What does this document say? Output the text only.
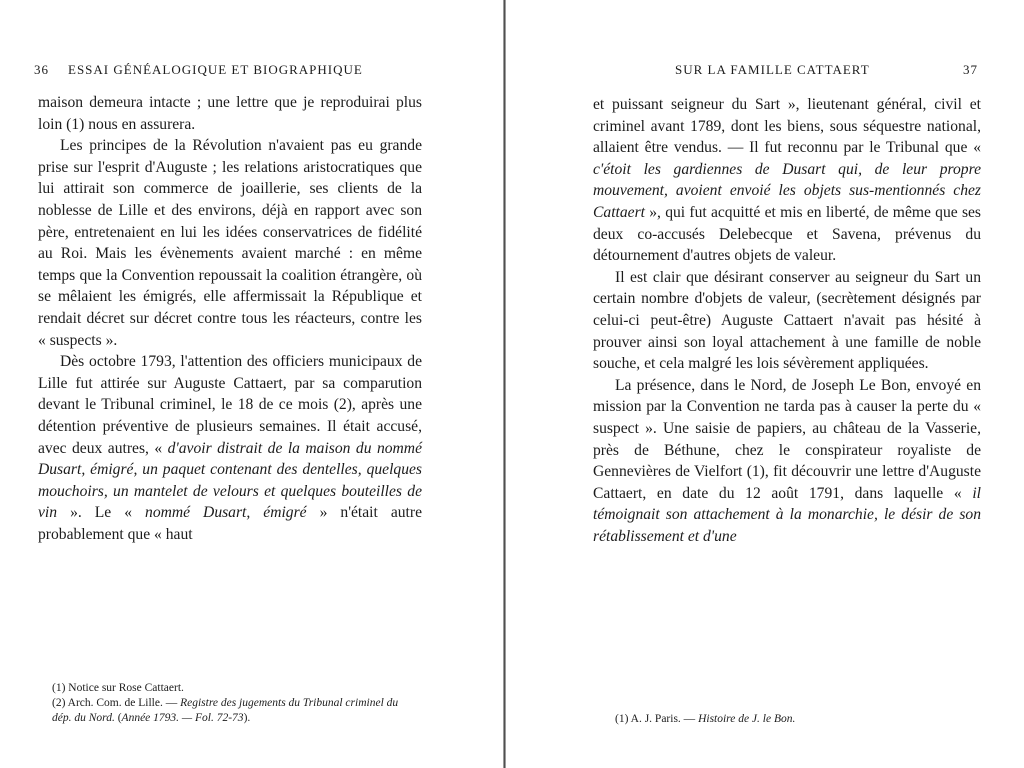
36 ESSAI GÉNÉALOGIQUE ET BIOGRAPHIQUE

maison demeura intacte ; une lettre que je reproduirai plus loin (1) nous en assurera.

Les principes de la Révolution n'avaient pas eu grande prise sur l'esprit d'Auguste ; les relations aristocratiques que lui attirait son commerce de joaillerie, ses clients de la noblesse de Lille et des environs, déjà en rapport avec son père, entretenaient en lui les idées conservatrices de fidélité au Roi. Mais les évènements avaient marché : en même temps que la Convention repoussait la coalition étrangère, où se mêlaient les émigrés, elle affermissait la République et rendait décret sur décret contre tous les réacteurs, contre les « suspects ».

Dès octobre 1793, l'attention des officiers municipaux de Lille fut attirée sur Auguste Cattaert, par sa comparution devant le Tribunal criminel, le 18 de ce mois (2), après une détention préventive de plusieurs semaines. Il était accusé, avec deux autres, « d'avoir distrait de la maison du nommé Dusart, émigré, un paquet contenant des dentelles, quelques mouchoirs, un mantelet de velours et quelques bouteilles de vin ». Le « nommé Dusart, émigré » n'était autre probablement que « haut

(1) Notice sur Rose Cattaert.

(2) Arch. Com. de Lille. — Registre des jugements du Tribunal criminel du dép. du Nord. (Année 1793. — Fol. 72-73).

SUR LA FAMILLE CATTAERT	37

et puissant seigneur du Sart », lieutenant général, civil et criminel avant 1789, dont les biens, sous séquestre national, allaient être vendus. — Il fut reconnu par le Tribunal que « c'étoit les gardiennes de Dusart qui, de leur propre mouvement, avoient envoié les objets sus-mentionnés chez Cattaert », qui fut acquitté et mis en liberté, de même que ses deux co-accusés Delebecque et Savena, prévenus du détournement d'autres objets de valeur.

Il est clair que désirant conserver au seigneur du Sart un certain nombre d'objets de valeur, (secrètement désignés par celui-ci peut-être) Auguste Cattaert n'avait pas hésité à prouver ainsi son loyal attachement à une famille de noble souche, et cela malgré les lois sévèrement appliquées.

La présence, dans le Nord, de Joseph Le Bon, envoyé en mission par la Convention ne tarda pas à causer la perte du « suspect ». Une saisie de papiers, au château de la Vasserie, près de Béthune, chez le conspirateur royaliste de Gennevières de Vielfort (1), fit découvrir une lettre d'Auguste Cattaert, en date du 12 août 1791, dans laquelle « il témoignait son attachement à la monarchie, le désir de son rétablissement et d'une

(1) A. J. Paris. — Histoire de J. le Bon.
